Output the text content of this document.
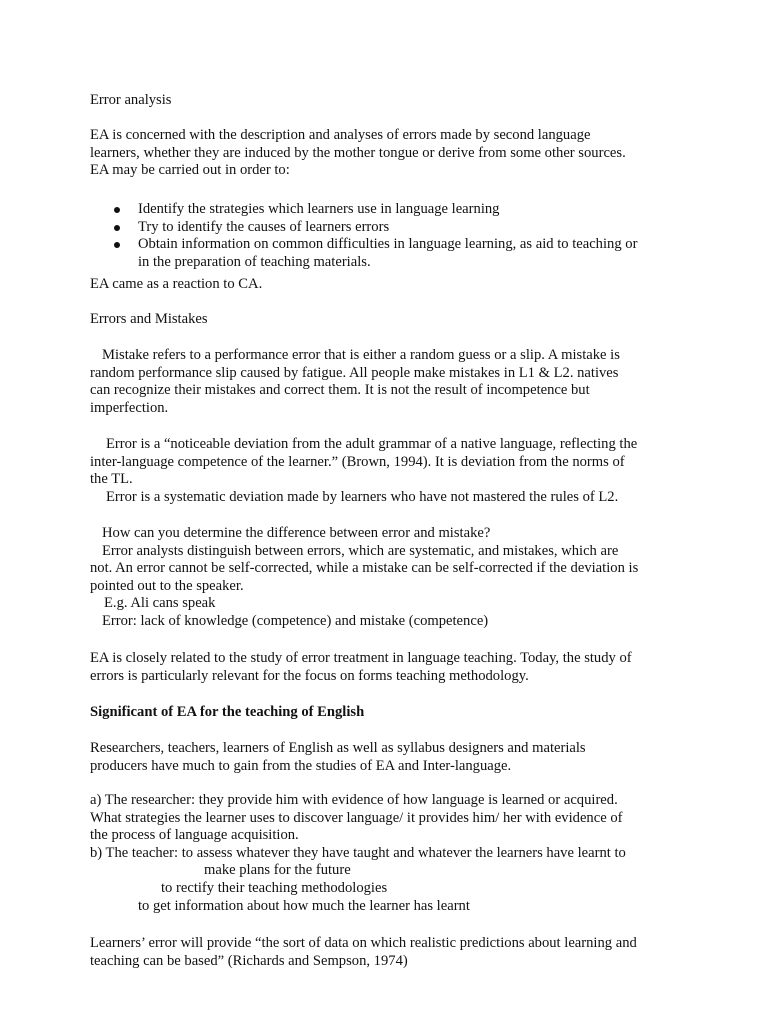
Error analysis

EA is concerned with the description and analyses of errors made by second language

learners, whether they are induced by the mother tongue or derive from some other sources.

EA may be carried out in order to:

Identify the strategies which learners use in language learning

Try to identify the causes of learners errors

Obtain information on common difficulties in language learning, as aid to teaching or

in the preparation of teaching materials.

EA came as a reaction to CA.

Errors and Mistakes

Mistake refers to a performance error that is either a random guess or a slip. A mistake is

random performance slip caused by fatigue. All people make mistakes in L1 & L2. natives

can recognize their mistakes and correct them. It is not the result of incompetence but

imperfection.

Error is a “noticeable deviation from the adult grammar of a native language, reflecting the

inter-language competence of the learner.” (Brown, 1994). It is deviation from the norms of

the TL.

Error is a systematic deviation made by learners who have not mastered the rules of L2.

How can you determine the difference between error and mistake?

Error analysts distinguish between errors, which are systematic, and mistakes, which are

not. An error cannot be self-corrected, while a mistake can be self-corrected if the deviation is

pointed out to the speaker.

E.g. Ali cans speak

Error: lack of knowledge (competence) and mistake (competence)

EA is closely related to the study of error treatment in language teaching. Today, the study of

errors is particularly relevant for the focus on forms teaching methodology.

Significant of EA for the teaching of English

Researchers, teachers, learners of English as well as syllabus designers and materials

producers have much to gain from the studies of EA and Inter-language.

a) The researcher: they provide him with evidence of how language is learned or acquired.

What strategies the learner uses to discover language/ it provides him/ her with evidence of

the process of language acquisition.

b) The teacher: to assess whatever they have taught and whatever the learners have learnt to

make plans for the future

to rectify their teaching methodologies

to get information about how much the learner has learnt

Learners’ error will provide “the sort of data on which realistic predictions about learning and

teaching can be based” (Richards and Sempson, 1974)
